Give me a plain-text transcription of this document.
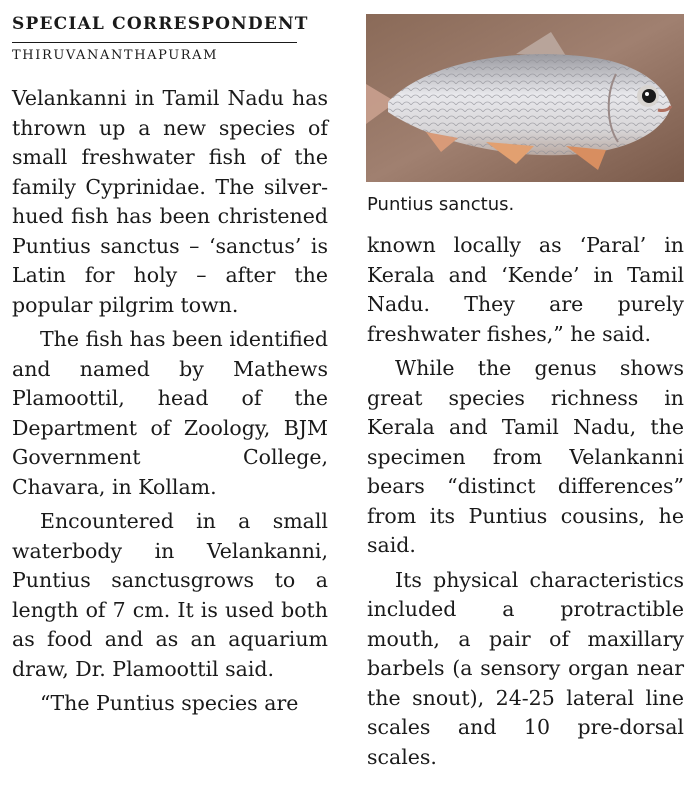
SPECIAL CORRESPONDENT
THIRUVANANTHAPURAM

Velankanni in Tamil Nadu has thrown up a new species of small freshwater fish of the family Cyprinidae. The silver-hued fish has been christened Puntius sanctus – ‘sanctus’ is Latin for holy – after the popular pilgrim town.

The fish has been identified and named by Mathews Plamoottil, head of the Department of Zoology, BJM Government College, Chavara, in Kollam.

Encountered in a small waterbody in Velankanni, Puntius sanctusgrows to a length of 7 cm. It is used both as food and as an aquarium draw, Dr. Plamoottil said.

“The Puntius species are

Puntius sanctus.

known locally as ‘Paral’ in Kerala and ‘Kende’ in Tamil Nadu. They are purely freshwater fishes,” he said.

While the genus shows great species richness in Kerala and Tamil Nadu, the specimen from Velankanni bears “distinct differences” from its Puntius cousins, he said.

Its physical characteristics included a protractible mouth, a pair of maxillary barbels (a sensory organ near the snout), 24-25 lateral line scales and 10 pre-dorsal scales.
